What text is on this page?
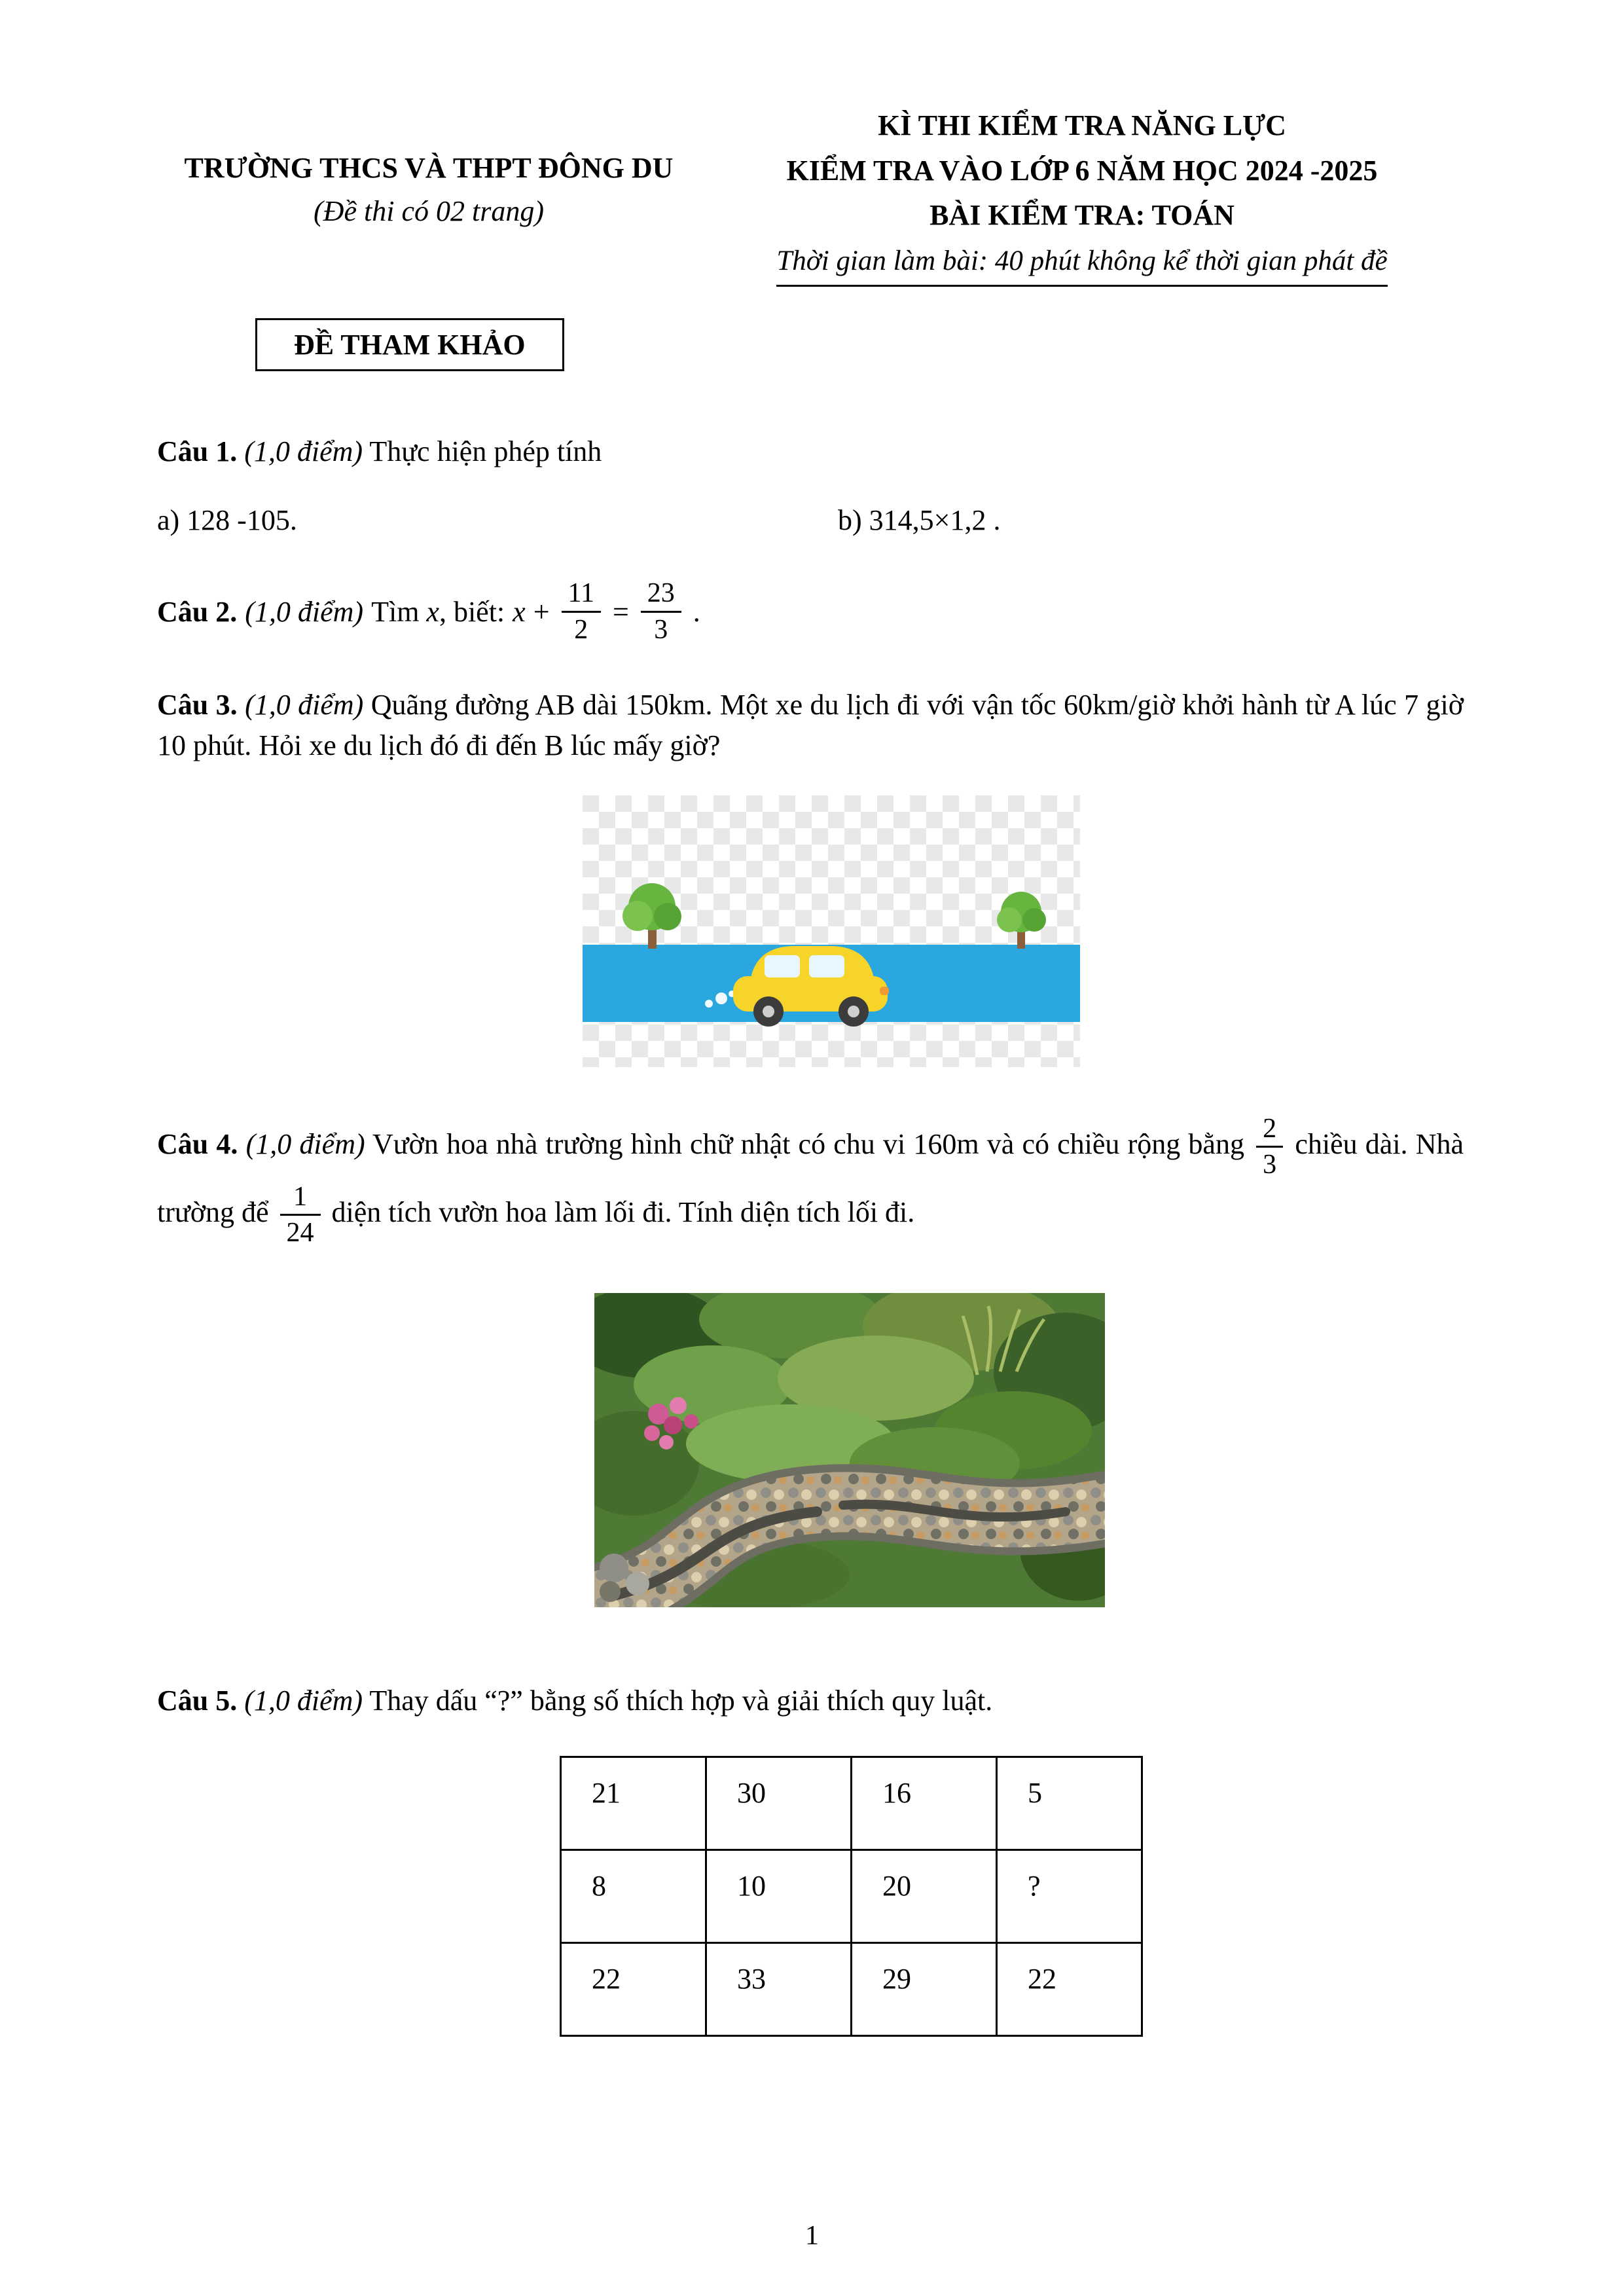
TRƯỜNG THCS VÀ THPT ĐÔNG DU
(Đề thi có 02 trang)
KÌ THI KIỂM TRA NĂNG LỰC
KIỂM TRA VÀO LỚP 6 NĂM HỌC 2024 -2025
BÀI KIỂM TRA: TOÁN
Thời gian làm bài: 40 phút không kể thời gian phát đề
ĐỀ THAM KHẢO

Câu 1. (1,0 điểm) Thực hiện phép tính

a) 128 -105.	b) 314,5×1,2 .
Câu 2. (1,0 điểm) Tìm x, biết: $x + \frac{11}{2} = \frac{23}{3}$ .

Câu 3. (1,0 điểm) Quãng đường AB dài 150km. Một xe du lịch đi với vận tốc 60km/giờ khởi hành từ A lúc 7 giờ 10 phút. Hỏi xe du lịch đó đi đến B lúc mấy giờ?

Câu 4. (1,0 điểm) Vườn hoa nhà trường hình chữ nhật có chu vi 160m và có chiều rộng bằng $\frac{2}{3}$ chiều dài. Nhà trường để $\frac{1}{24}$ diện tích vườn hoa làm lối đi. Tính diện tích lối đi.

Câu 5. (1,0 điểm) Thay dấu “?” bằng số thích hợp và giải thích quy luật.

21	30	16	5
8	10	20	?
22	33	29	22
1
